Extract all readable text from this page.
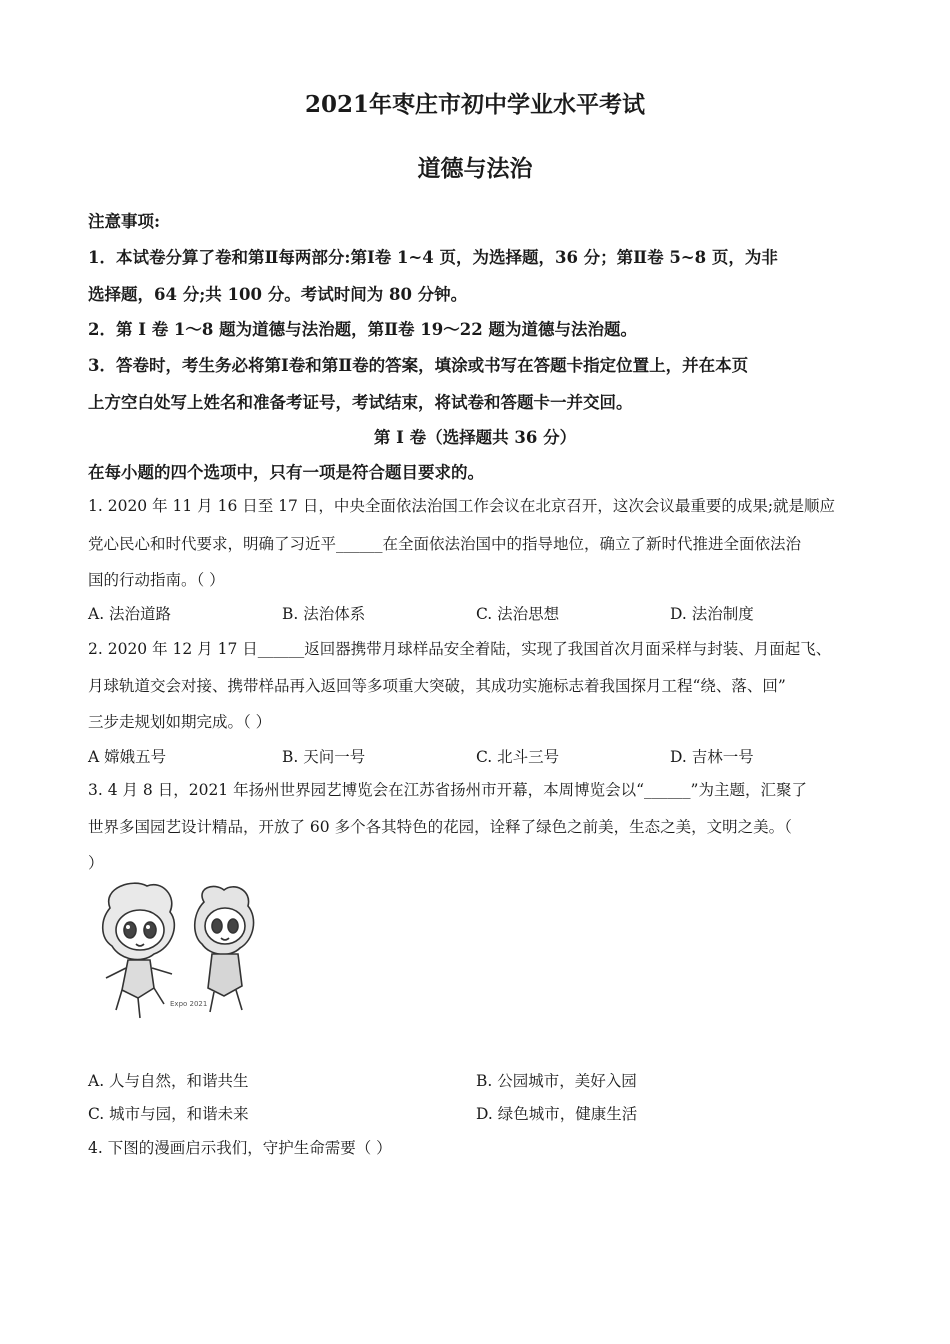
2021年枣庄市初中学业水平考试
道德与法治
注意事项:
1．本试卷分算了卷和第Ⅱ每两部分:第Ⅰ卷 1~4 页，为选择题，36 分；第Ⅱ卷 5~8 页，为非
选择题，64 分;共 100 分。考试时间为 80 分钟。
2．第 I 卷 1～8 题为道德与法治题，第Ⅱ卷 19～22 题为道德与法治题。
3．答卷时，考生务必将第Ⅰ卷和第Ⅱ卷的答案，填涂或书写在答题卡指定位置上，并在本页
上方空白处写上姓名和准备考证号，考试结束，将试卷和答题卡一并交回。
第 I 卷（选择题共 36 分）
在每小题的四个选项中，只有一项是符合题目要求的。
1. 2020 年 11 月 16 日至 17 日，中央全面依法治国工作会议在北京召开，这次会议最重要的成果;就是顺应
党心民心和时代要求，明确了习近平______在全面依法治国中的指导地位，确立了新时代推进全面依法治
国的行动指南。（ ）
A. 法治道路	B. 法治体系	C. 法治思想	D. 法治制度
2. 2020 年 12 月 17 日______返回器携带月球样品安全着陆，实现了我国首次月面采样与封装、月面起飞、
月球轨道交会对接、携带样品再入返回等多项重大突破，其成功实施标志着我国探月工程“绕、落、回”
三步走规划如期完成。（ ）
A 嫦娥五号	B. 天问一号	C. 北斗三号	D. 吉林一号
3. 4 月 8 日，2021 年扬州世界园艺博览会在江苏省扬州市开幕，本周博览会以“______”为主题，汇聚了
世界多国园艺设计精品，开放了 60 多个各其特色的花园，诠释了绿色之前美，生态之美，文明之美。（
）
Expo 2021
A. 人与自然，和谐共生	B. 公园城市，美好入园
C. 城市与园，和谐未来	D. 绿色城市，健康生活
4. 下图的漫画启示我们，守护生命需要（ ）
